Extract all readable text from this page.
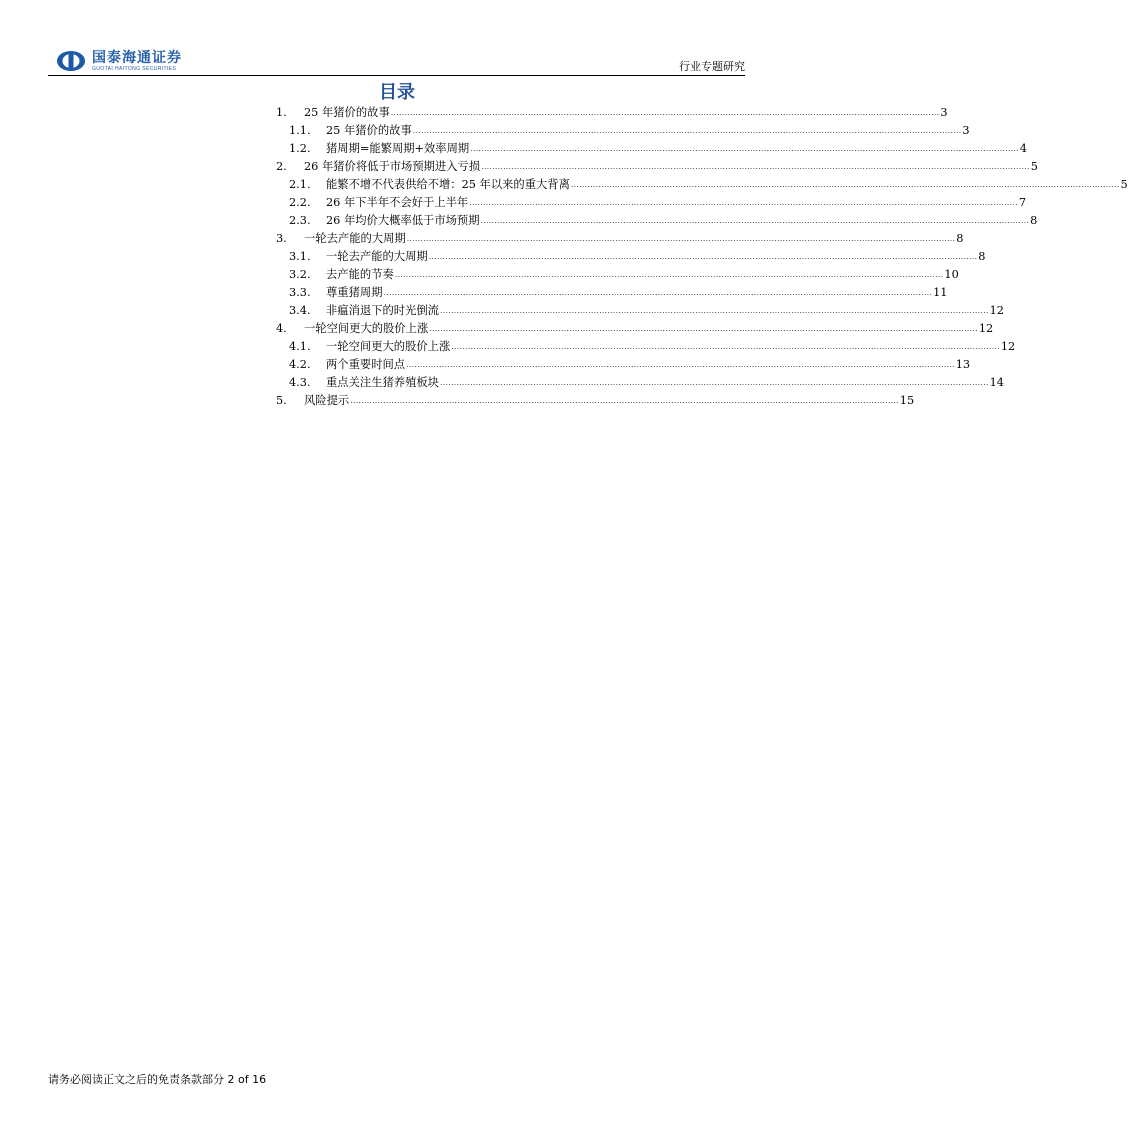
国泰海通证券
GUOTAI HAITONG SECURITIES	行业专题研究
目录
1.	25 年猪价的故事 ........................................................................................................................................................................................................ 3
1.1.	25 年猪价的故事 ........................................................................................................................................................................................................ 3
1.2.	猪周期=能繁周期+效率周期 ........................................................................................................................................................................................................ 4
2.	26 年猪价将低于市场预期进入亏损 ........................................................................................................................................................................................................ 5
2.1.	能繁不增不代表供给不增：25 年以来的重大背离 ........................................................................................................................................................................................................ 5
2.2.	26 年下半年不会好于上半年 ........................................................................................................................................................................................................ 7
2.3.	26 年均价大概率低于市场预期 ........................................................................................................................................................................................................ 8
3.	一轮去产能的大周期 ........................................................................................................................................................................................................ 8
3.1.	一轮去产能的大周期 ........................................................................................................................................................................................................ 8
3.2.	去产能的节奏 ........................................................................................................................................................................................................ 10
3.3.	尊重猪周期 ........................................................................................................................................................................................................ 11
3.4.	非瘟消退下的时光倒流 ........................................................................................................................................................................................................ 12
4.	一轮空间更大的股价上涨 ........................................................................................................................................................................................................ 12
4.1.	一轮空间更大的股价上涨 ........................................................................................................................................................................................................ 12
4.2.	两个重要时间点 ........................................................................................................................................................................................................ 13
4.3.	重点关注生猪养殖板块 ........................................................................................................................................................................................................ 14
5.	风险提示 ........................................................................................................................................................................................................ 15
请务必阅读正文之后的免责条款部分 2 of 16
